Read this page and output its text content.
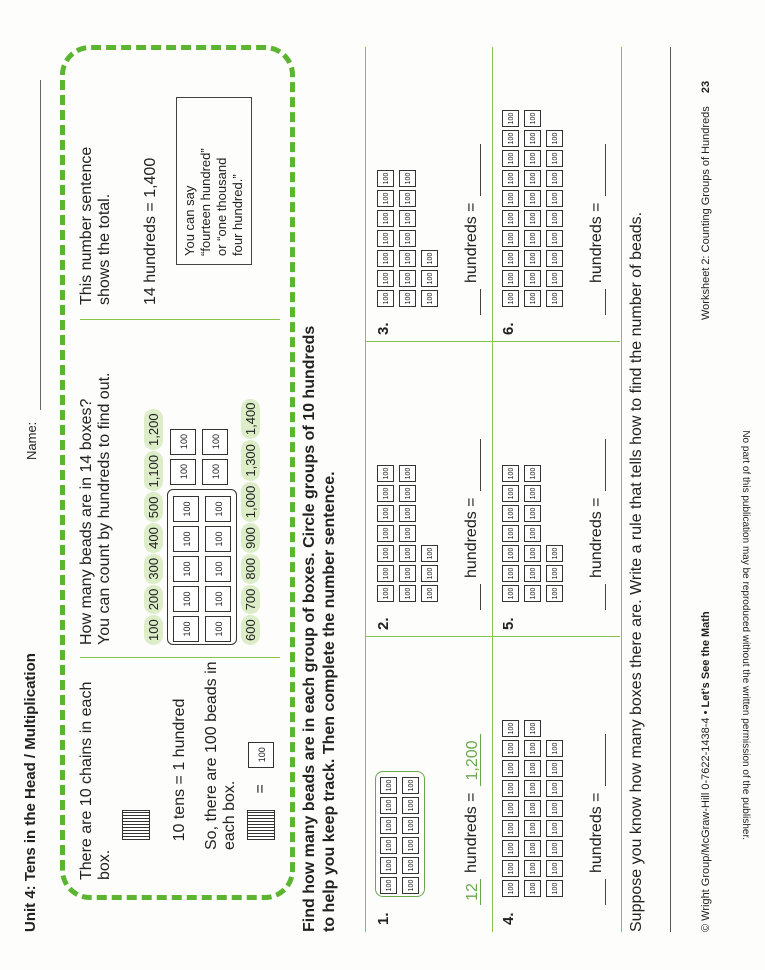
Unit 4: Tens in the Head / Multiplication
Name:
There are 10 chains in each box.
10 tens = 1 hundred So, there are 100 beads in each box. = 100
How many beads are in 14 boxes? You can count by hundreds to find out.	1002003004005001,1001,200
100100100100100
100100100100100

100100
100100
6007008009001,0001,3001,400
This number sentence shows the total. 14 hundreds = 1,400 You can say “fourteen hundred” or “one thousand four hundred.”
Find how many beads are in each group of boxes. Circle groups of 10 hundreds to help you keep track. Then complete the number sentence. 1.
100100100100100100
100100100100100100
12hundreds =1,200
2.
100100100100100100100
100100100100100100100
100100100	hundreds =
3.
100100100100100100100
100100100100100100100
100100100	hundreds =
4.
100100100100100100100100100
100100100100100100100100100
100100100100100100100100
hundreds =
5.
100100100100100100100
100100100100100100100
100100100	hundreds =
6.
100100100100100100100100100100
100100100100100100100100100100
100100100100100100100100100
hundreds = Suppose you know how many boxes there are. Write a rule that tells how to find the number of beads.	© Wright Group/McGraw-Hill 0-7622-1438-4 • Let’s See the Math
Worksheet 2: Counting Groups of Hundreds 23
No part of this publication may be reproduced without the written permission of the publisher.
